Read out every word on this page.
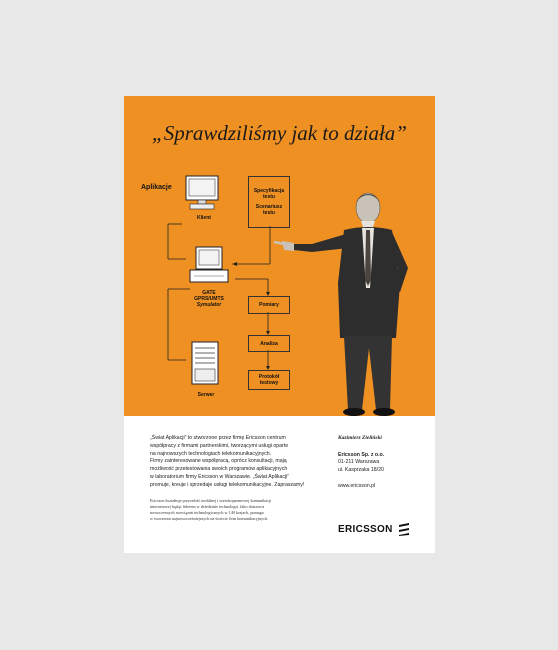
„Sprawdziliśmy jak to działa”
Aplikacje
Klient
GATE
GPRS/UMTS
Symulator
Serwer
Specyfikacja
testu
Scenariusz
testu
Pomiary
Analiza
Protokół
testowy

„Świat Aplikacji” to stworzone przez firmę Ericsson centrum

współpracy z firmami partnerskimi, tworzącymi usługi oparte

na najnowszych technologiach telekomunikacyjnych.

Firmy zainteresowane współpracą, oprócz konsultacji, mają

możliwość przetestowania swoich programów aplikacyjnych

w laboratorium firmy Ericsson w Warszawie. „Świat Aplikacji”

promuje, kreuje i sprzedaje usługi telekomunikacyjne. Zapraszamy!

Ericsson kształtuje przyszłość mobilnej i szerokopasmowej komunikacji
internetowej będąc liderem w dziedzinie technologii. Jako dostawca
nowoczesnych rozwiązań technologicznych w 140 krajach, pomaga
w tworzeniu najnowocześniejszych na świecie firm komunikacyjnych.
Kazimierz Zieliński
Ericsson Sp. z o.o.
01-211 Warszawa
ul. Kasprzaka 18/20
www.ericsson.pl
ERICSSON
